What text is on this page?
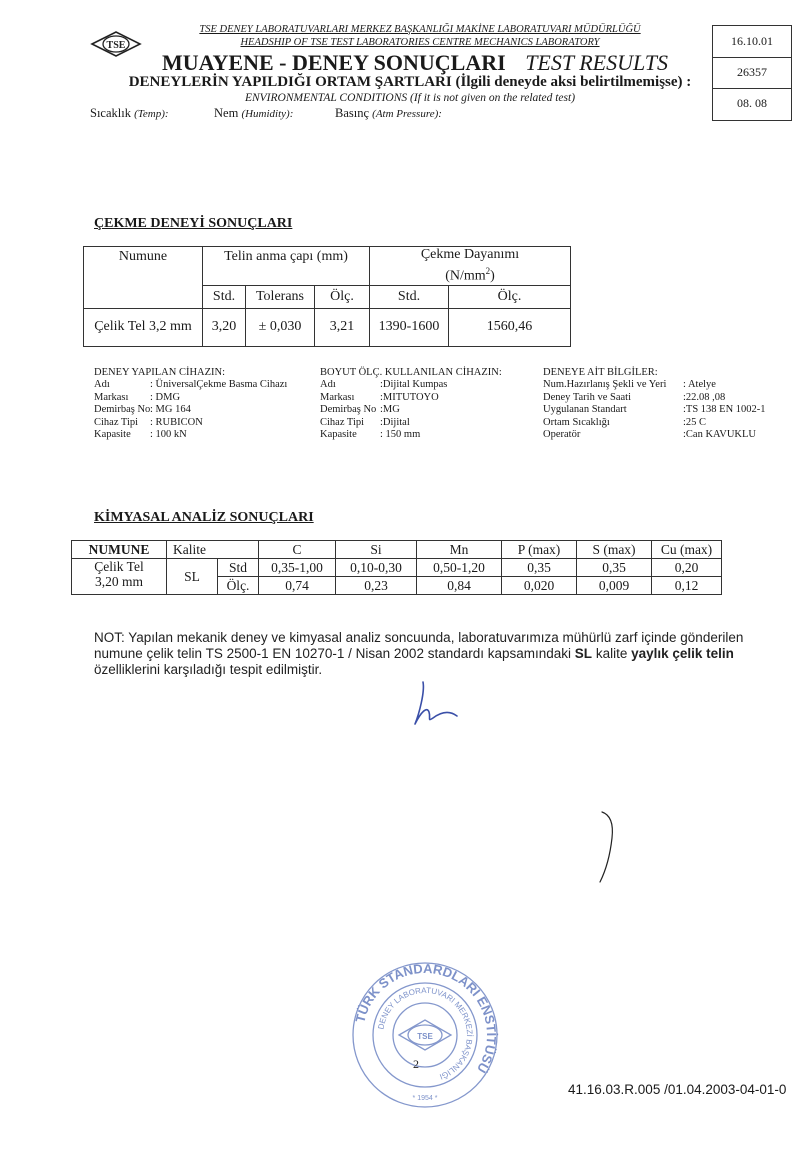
TSE
TSE DENEY LABORATUVARLARI MERKEZ BAŞKANLIĞI MAKİNE LABORATUVARI MÜDÜRLÜĞÜ
HEADSHIP OF TSE TEST LABORATORIES CENTRE MECHANICS LABORATORY
MUAYENE - DENEY SONUÇLARI TEST RESULTS
DENEYLERİN YAPILDIĞI ORTAM ŞARTLARI (İlgili deneyde aksi belirtilmemişse) :
ENVIRONMENTAL CONDITIONS (If it is not given on the related test)
Sıcaklık (Temp):	Nem (Humidity):	Basınç (Atm Pressure):
16.10.01
26357
08. 08
ÇEKME DENEYİ SONUÇLARI
Numune	Telin anma çapı (mm)			Çekme Dayanımı
$(N/mm^2)$	
	Std.	Tolerans	Ölç.	Std.	Ölç.
Çelik Tel 3,2 mm	3,20	± 0,030	3,21	1390-1600	1560,46
DENEY YAPILAN CİHAZIN:
Adı	: ÜniversalÇekme Basma Cihazı
Markası : DMG
Demirbaş No: MG 164
Cihaz Tipi : RUBICON
Kapasite : 100 kN
BOYUT ÖLÇ. KULLANILAN CİHAZIN:
Adı	:Dijital Kumpas
Markası :MITUTOYO
Demirbaş No :MG
Cihaz Tipi :Dijital
Kapasite : 150 mm
DENEYE AİT BİLGİLER:
Num.Hazırlanış Şekli ve Yeri : Atelye
Deney Tarih ve Saati	:22.08 ,08
Uygulanan Standart	:TS 138 EN 1002-1
Ortam Sıcaklığı	:25 C
Operatör	:Can KAVUKLU
KİMYASAL ANALİZ SONUÇLARI
NUMUNE	Kalite		C	Si	Mn	P (max)	S (max)	Cu (max)
Çelik Tel
3,20 mm	SL	Std	0,35-1,00	0,10-0,30	0,50-1,20	0,35	0,35	0,20
		Ölç.	0,74	0,23	0,84	0,020	0,009	0,12
NOT: Yapılan mekanik deney ve kimyasal analiz soncuunda, laboratuvarımıza mühürlü zarf içinde gönderilen numune çelik telin TS 2500-1 EN 10270-1 / Nisan 2002 standardı kapsamındaki SL kalite yaylık çelik telin özelliklerini karşıladığı tespit edilmiştir.
TÜRK STANDARDLARI ENSTİTÜSÜ
DENEY LABORATUVARI MERKEZİ BAŞKANLIĞI
TSE
* 1954 *
2
41.16.03.R.005 /01.04.2003-04-01-0
